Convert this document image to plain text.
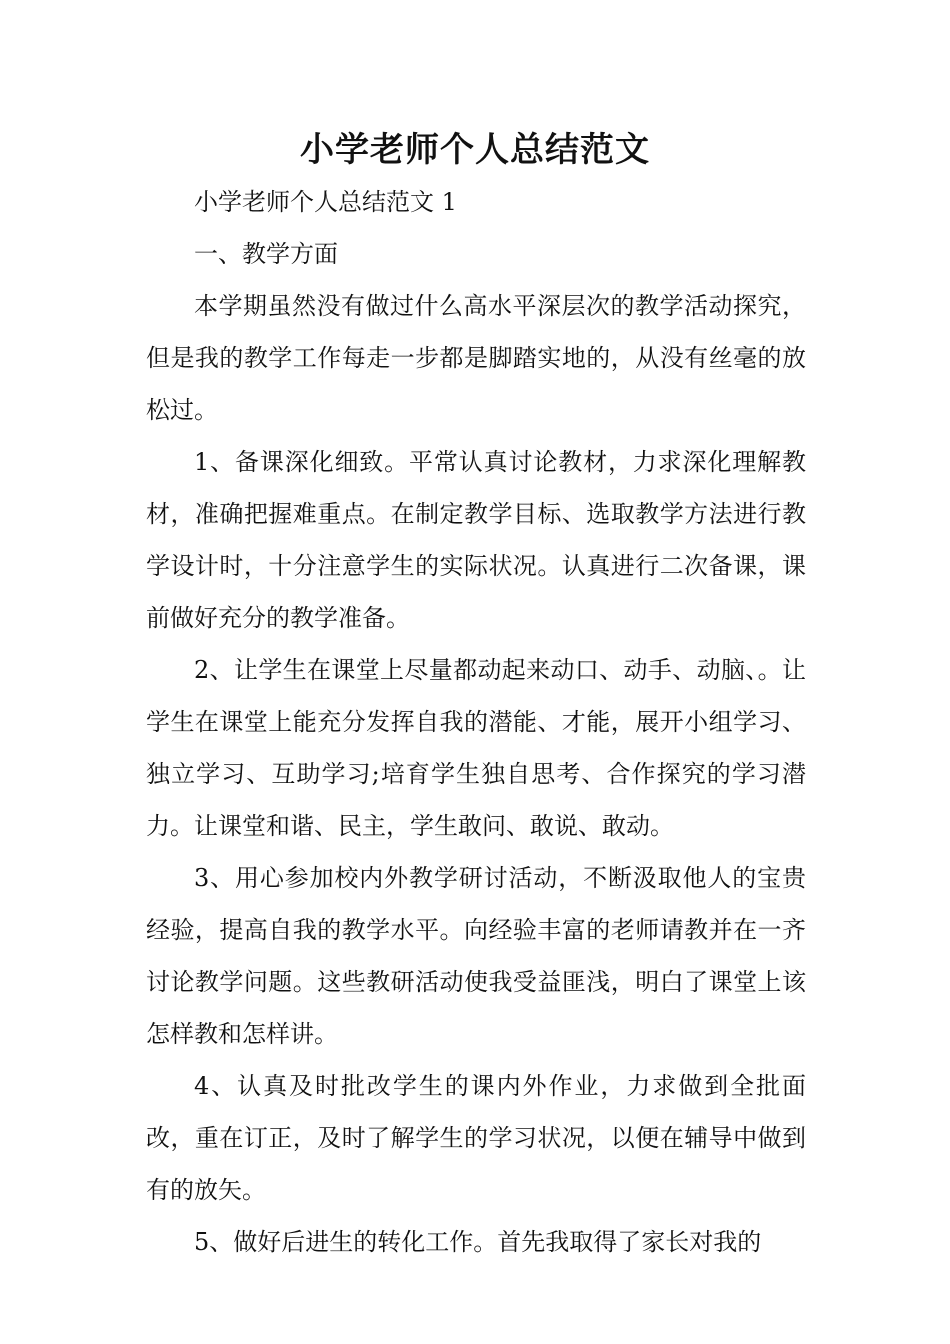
小学老师个人总结范文

小学老师个人总结范文 1

一、教学方面

本学期虽然没有做过什么高水平深层次的教学活动探究，但是我的教学工作每走一步都是脚踏实地的，从没有丝毫的放松过。

1、备课深化细致。平常认真讨论教材，力求深化理解教材，准确把握难重点。在制定教学目标、选取教学方法进行教学设计时，十分注意学生的实际状况。认真进行二次备课，课前做好充分的教学准备。

2、让学生在课堂上尽量都动起来动口、动手、动脑、。让学生在课堂上能充分发挥自我的潜能、才能，展开小组学习、独立学习、互助学习;培育学生独自思考、合作探究的学习潜力。让课堂和谐、民主，学生敢问、敢说、敢动。

3、用心参加校内外教学研讨活动，不断汲取他人的宝贵经验，提高自我的教学水平。向经验丰富的老师请教并在一齐讨论教学问题。这些教研活动使我受益匪浅，明白了课堂上该怎样教和怎样讲。

4、认真及时批改学生的课内外作业，力求做到全批面改，重在订正，及时了解学生的学习状况，以便在辅导中做到有的放矢。

5、做好后进生的转化工作。首先我取得了家长对我的
